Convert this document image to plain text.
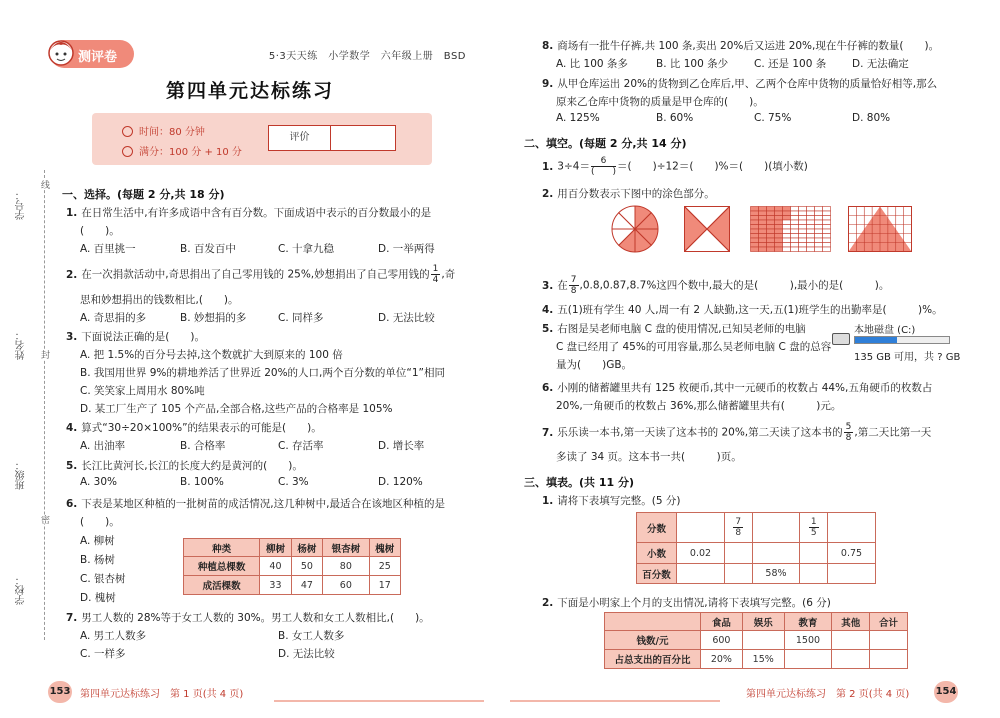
学号：
姓名：
班级：
学校：
线
封
密
测评卷	5·3天天练　小学数学　六年级上册　BSD
第四单元达标练习
时间：80 分钟
满分：100 分 + 10 分
评价
一、选择。(每题 2 分,共 18 分)
1. 在日常生活中,有许多成语中含有百分数。下面成语中表示的百分数最小的是
(　　)。
A. 百里挑一	B. 百发百中	C. 十拿九稳	D. 一举两得
2. 在一次捐款活动中,奇思捐出了自己零用钱的 25%,妙想捐出了自己零用钱的 $\frac{1}{4}$ ,奇
思和妙想捐出的钱数相比,(　　)。
A. 奇思捐的多	B. 妙想捐的多	C. 同样多	D. 无法比较
3. 下面说法正确的是(　　)。
A. 把 1.5%的百分号去掉,这个数就扩大到原来的 100 倍
B. 我国用世界 9%的耕地养活了世界近 20%的人口,两个百分数的单位“1”相同
C. 笑笑家上周用水 80%吨
D. 某工厂生产了 105 个产品,全部合格,这些产品的合格率是 105%
4. 算式“30÷20×100%”的结果表示的可能是(　　)。
A. 出油率	B. 合格率	C. 存活率	D. 增长率
5. 长江比黄河长,长江的长度大约是黄河的(　　)。
A. 30%	B. 100%	C. 3%	D. 120%
6. 下表是某地区种植的一批树苗的成活情况,这几种树中,最适合在该地区种植的是
(　　)。
A. 柳树
B. 杨树
C. 银杏树
D. 槐树
种类	柳树	杨树	银杏树	槐树
种植总棵数	40	50	80	25
成活棵数	33	47	60	17
7. 男工人数的 28%等于女工人数的 30%。男工人数和女工人数相比,(　　)。
A. 男工人数多	B. 女工人数多
C. 一样多	D. 无法比较
153 第四单元达标练习　第 1 页(共 4 页)
8. 商场有一批牛仔裤,共 100 条,卖出 20%后又运进 20%,现在牛仔裤的数量(　　)。
A. 比 100 条多	B. 比 100 条少 C. 还是 100 条 D. 无法确定
9. 从甲仓库运出 20%的货物到乙仓库后,甲、乙两个仓库中货物的质量恰好相等,那么
原来乙仓库中货物的质量是甲仓库的(　　)。
A. 125%	B. 60%	C. 75%	D. 80%
二、填空。(每题 2 分,共 14 分)
1. $3\div 4= \frac{6}{( )}$ ＝(　　)÷12＝(　　)%＝(　　)(填小数)
2. 用百分数表示下图中的涂色部分。
3. 在 $\frac{7}{8} ,0.8,0.87,8.7\%$这四个数中,最大的是(　　　),最小的是(　　　)。
4. 五(1)班有学生 40 人,周一有 2 人缺勤,这一天,五(1)班学生的出勤率是(　　　)%。
5. 右图是吴老师电脑 C 盘的使用情况,已知吴老师的电脑
C 盘已经用了 45%的可用容量,那么吴老师电脑 C 盘的总容
量为(　　)GB。
本地磁盘 (C:)
135 GB 可用，共 ? GB
6. 小刚的储蓄罐里共有 125 枚硬币,其中一元硬币的枚数占 44%,五角硬币的枚数占
20%,一角硬币的枚数占 36%,那么储蓄罐里共有(　　　)元。
7. 乐乐读一本书,第一天读了这本书的 20%,第二天读了这本书的 $\frac{5}{8}$ ,第二天比第一天
多读了 34 页。这本书一共(　　　)页。
三、填表。(共 11 分)
1. 请将下表填写完整。(5 分)
分数		$\frac{7}{8}$		$\frac{1}{5}$

小数	0.02				0.75
百分数			58%		
2. 下面是小明家上个月的支出情况,请将下表填写完整。(6 分)
	食品	娱乐	教育	其他	合计
钱数/元	600		1500		
占总支出的百分比	20%	15%			
第四单元达标练习　第 2 页(共 4 页)	154
